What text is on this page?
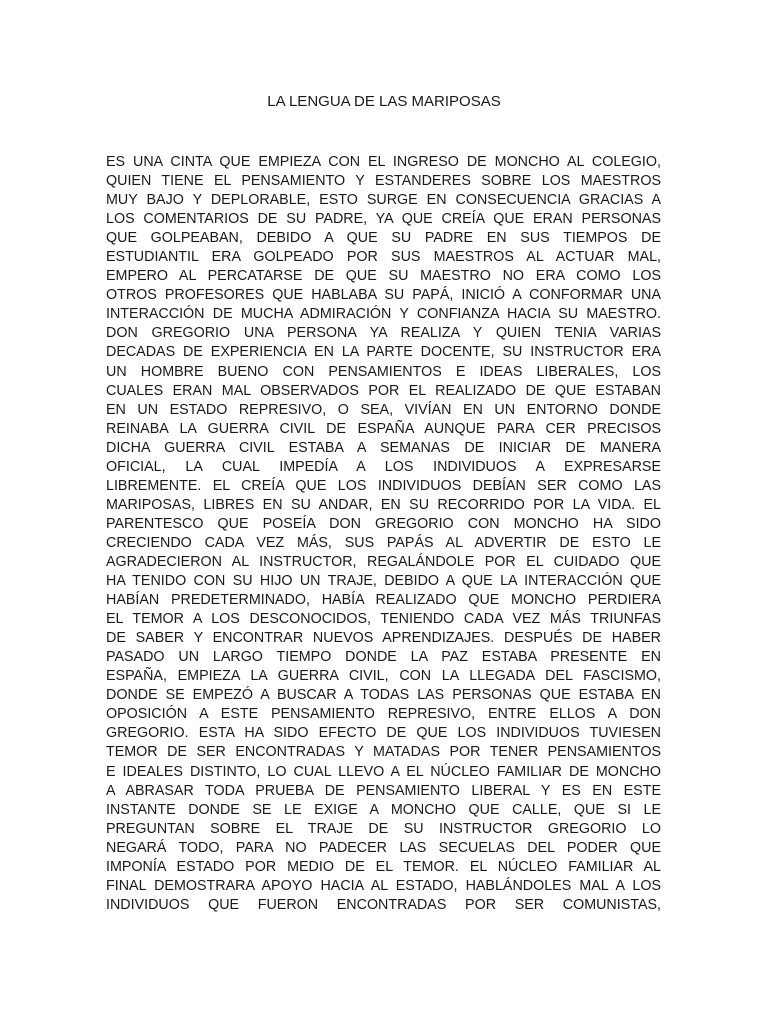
LA LENGUA DE LAS MARIPOSAS
ES UNA CINTA QUE EMPIEZA CON EL INGRESO DE MONCHO AL COLEGIO,
QUIEN TIENE EL PENSAMIENTO Y ESTANDERES SOBRE LOS MAESTROS
MUY BAJO Y DEPLORABLE, ESTO SURGE EN CONSECUENCIA GRACIAS A
LOS COMENTARIOS DE SU PADRE, YA QUE CREÍA QUE ERAN PERSONAS
QUE GOLPEABAN, DEBIDO A QUE SU PADRE EN SUS TIEMPOS DE
ESTUDIANTIL ERA GOLPEADO POR SUS MAESTROS AL ACTUAR MAL,
EMPERO AL PERCATARSE DE QUE SU MAESTRO NO ERA COMO LOS
OTROS PROFESORES QUE HABLABA SU PAPÁ, INICIÓ A CONFORMAR UNA
INTERACCIÓN DE MUCHA ADMIRACIÓN Y CONFIANZA HACIA SU MAESTRO.
DON GREGORIO UNA PERSONA YA REALIZA Y QUIEN TENIA VARIAS
DECADAS DE EXPERIENCIA EN LA PARTE DOCENTE, SU INSTRUCTOR ERA
UN HOMBRE BUENO CON PENSAMIENTOS E IDEAS LIBERALES, LOS
CUALES ERAN MAL OBSERVADOS POR EL REALIZADO DE QUE ESTABAN
EN UN ESTADO REPRESIVO, O SEA, VIVÍAN EN UN ENTORNO DONDE
REINABA LA GUERRA CIVIL DE ESPAÑA AUNQUE PARA CER PRECISOS
DICHA GUERRA CIVIL ESTABA A SEMANAS DE INICIAR DE MANERA
OFICIAL, LA CUAL IMPEDÍA A LOS INDIVIDUOS A EXPRESARSE
LIBREMENTE. EL CREÍA QUE LOS INDIVIDUOS DEBÍAN SER COMO LAS
MARIPOSAS, LIBRES EN SU ANDAR, EN SU RECORRIDO POR LA VIDA. EL
PARENTESCO QUE POSEÍA DON GREGORIO CON MONCHO HA SIDO
CRECIENDO CADA VEZ MÁS, SUS PAPÁS AL ADVERTIR DE ESTO LE
AGRADECIERON AL INSTRUCTOR, REGALÁNDOLE POR EL CUIDADO QUE
HA TENIDO CON SU HIJO UN TRAJE, DEBIDO A QUE LA INTERACCIÓN QUE
HABÍAN PREDETERMINADO, HABÍA REALIZADO QUE MONCHO PERDIERA
EL TEMOR A LOS DESCONOCIDOS, TENIENDO CADA VEZ MÁS TRIUNFAS
DE SABER Y ENCONTRAR NUEVOS APRENDIZAJES. DESPUÉS DE HABER
PASADO UN LARGO TIEMPO DONDE LA PAZ ESTABA PRESENTE EN
ESPAÑA, EMPIEZA LA GUERRA CIVIL, CON LA LLEGADA DEL FASCISMO,
DONDE SE EMPEZÓ A BUSCAR A TODAS LAS PERSONAS QUE ESTABA EN
OPOSICIÓN A ESTE PENSAMIENTO REPRESIVO, ENTRE ELLOS A DON
GREGORIO. ESTA HA SIDO EFECTO DE QUE LOS INDIVIDUOS TUVIESEN
TEMOR DE SER ENCONTRADAS Y MATADAS POR TENER PENSAMIENTOS
E IDEALES DISTINTO, LO CUAL LLEVO A EL NÚCLEO FAMILIAR DE MONCHO
A ABRASAR TODA PRUEBA DE PENSAMIENTO LIBERAL Y ES EN ESTE
INSTANTE DONDE SE LE EXIGE A MONCHO QUE CALLE, QUE SI LE
PREGUNTAN SOBRE EL TRAJE DE SU INSTRUCTOR GREGORIO LO
NEGARÁ TODO, PARA NO PADECER LAS SECUELAS DEL PODER QUE
IMPONÍA ESTADO POR MEDIO DE EL TEMOR. EL NÚCLEO FAMILIAR AL
FINAL DEMOSTRARA APOYO HACIA AL ESTADO, HABLÁNDOLES MAL A LOS
INDIVIDUOS QUE FUERON ENCONTRADAS POR SER COMUNISTAS,
